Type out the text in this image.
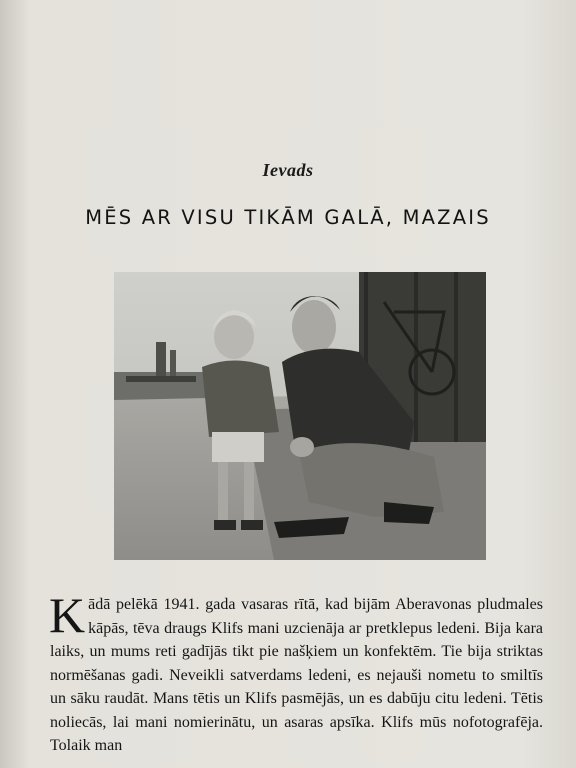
Ievads
MĒS AR VISU TIKĀM GALĀ, MAZAIS

Kādā pelēkā 1941. gada vasaras rītā, kad bijām Aberavonas pludmales kāpās, tēva draugs Klifs mani uzcienāja ar pretklepus ledeni. Bija kara laiks, un mums reti gadījās tikt pie našķiem un konfektēm. Tie bija striktas normēšanas gadi. Neveikli satverdams ledeni, es nejauši nometu to smiltīs un sāku raudāt. Mans tētis un Klifs pasmējās, un es dabūju citu ledeni. Tētis noliecās, lai mani nomierinātu, un asaras apsīka. Klifs mūs nofotografēja. Tolaik man
